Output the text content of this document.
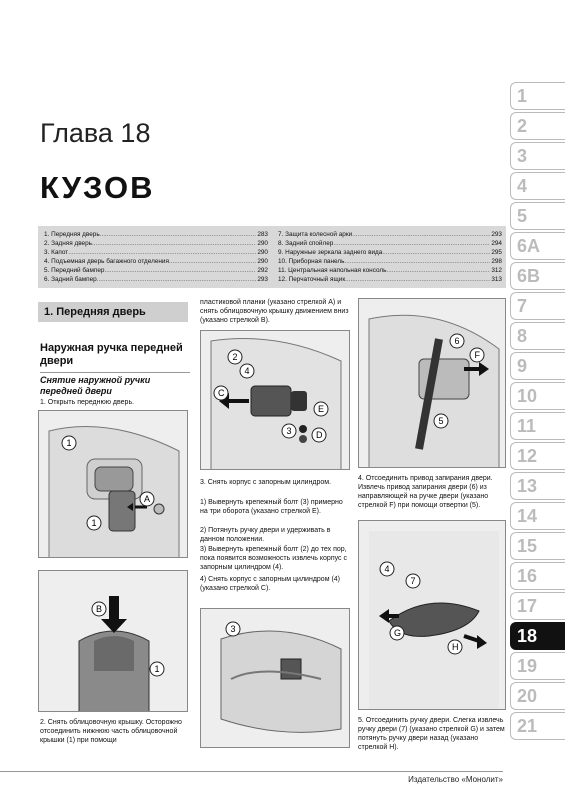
Глава 18
КУЗОВ
1. Передняя дверь .....	283
2. Задняя дверь .....	290
3. Капот .....	290
4. Подъемная дверь багажного отделения .....	290
5. Передний бампер .....	292
6. Задний бампер .....	293
7. Защита колесной арки .....	293
8. Задний спойлер .....	294
9. Наружные зеркала заднего вида .....	295
10. Приборная панель .....	298
11. Центральная напольная консоль .....	312
12. Перчаточный ящик .....	313
1
2
3
4
5
6A
6B
7
8
9
10
11
12
13
14
15
16
17
18
19
20
21
1. Передняя дверь
Наружная ручка передней двери
Снятие наружной ручки передней двери
1. Открыть переднюю дверь.
1
1
A
B
1
2. Снять облицовочную крышку. Осторожно отсоединить нижнюю часть облицовочной крышки (1) при помощи
пластиковой планки (указано стрелкой A) и снять облицовочную крышку движением вниз (указано стрелкой B).
2
4
C
3
E
D
3. Снять корпус с запорным цилиндром.
1) Вывернуть крепежный болт (3) примерно на три оборота (указано стрелкой E).
2) Потянуть ручку двери и удерживать в данном положении.
3) Вывернуть крепежный болт (2) до тех пор, пока появится возможность извлечь корпус с запорным цилиндром (4).
4) Снять корпус с запорным цилиндром (4) (указано стрелкой C).
3
6
F
5
4. Отсоединить привод запирания двери. Извлечь привод запирания двери (6) из направляющей на ручке двери (указано стрелкой F) при помощи отвертки (5).
4
7
G
H
5. Отсоединить ручку двери. Слегка извлечь ручку двери (7) (указано стрелкой G) и затем потянуть ручку двери назад (указано стрелкой H).
Издательство «Монолит»
